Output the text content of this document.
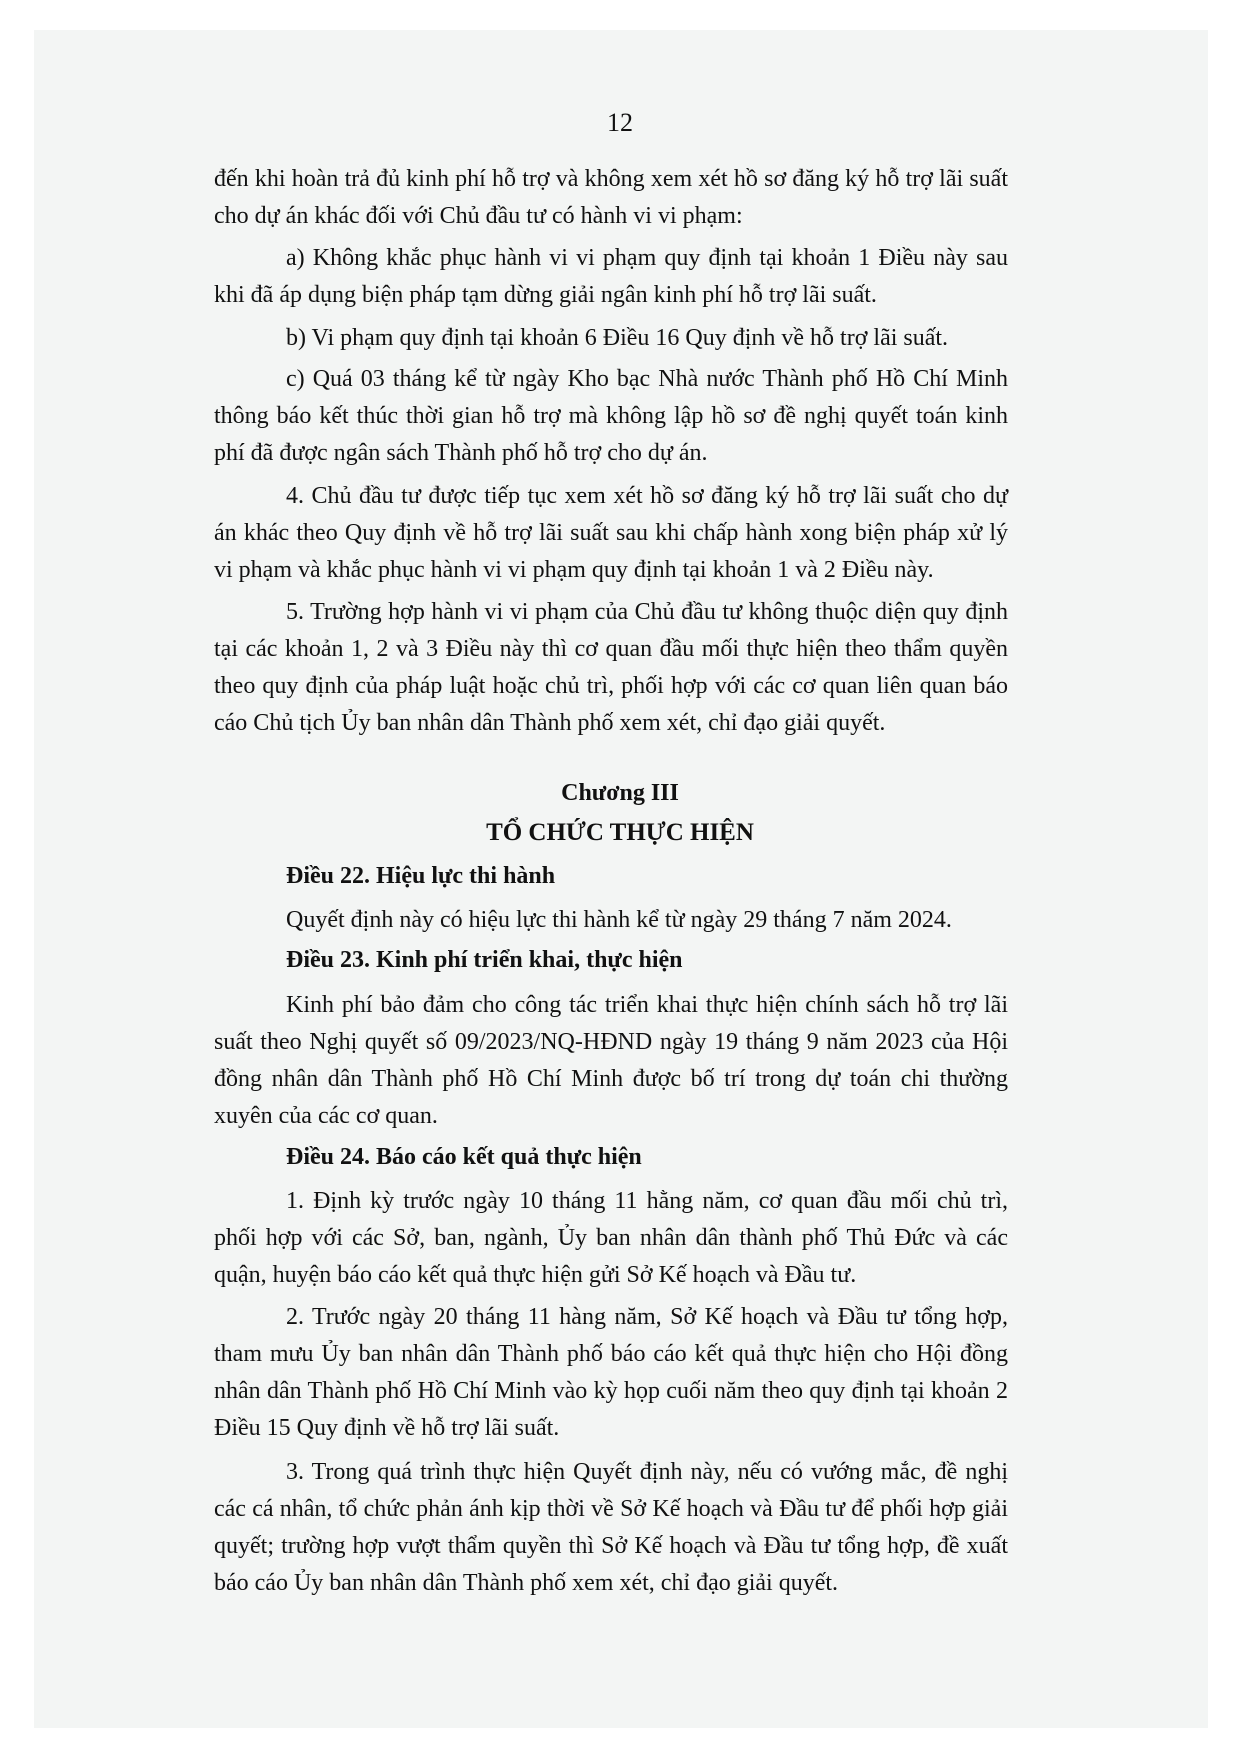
12

đến khi hoàn trả đủ kinh phí hỗ trợ và không xem xét hồ sơ đăng ký hỗ trợ lãi suất cho dự án khác đối với Chủ đầu tư có hành vi vi phạm:

a) Không khắc phục hành vi vi phạm quy định tại khoản 1 Điều này sau khi đã áp dụng biện pháp tạm dừng giải ngân kinh phí hỗ trợ lãi suất.

b) Vi phạm quy định tại khoản 6 Điều 16 Quy định về hỗ trợ lãi suất.

c) Quá 03 tháng kể từ ngày Kho bạc Nhà nước Thành phố Hồ Chí Minh thông báo kết thúc thời gian hỗ trợ mà không lập hồ sơ đề nghị quyết toán kinh phí đã được ngân sách Thành phố hỗ trợ cho dự án.

4. Chủ đầu tư được tiếp tục xem xét hồ sơ đăng ký hỗ trợ lãi suất cho dự án khác theo Quy định về hỗ trợ lãi suất sau khi chấp hành xong biện pháp xử lý vi phạm và khắc phục hành vi vi phạm quy định tại khoản 1 và 2 Điều này.

5. Trường hợp hành vi vi phạm của Chủ đầu tư không thuộc diện quy định tại các khoản 1, 2 và 3 Điều này thì cơ quan đầu mối thực hiện theo thẩm quyền theo quy định của pháp luật hoặc chủ trì, phối hợp với các cơ quan liên quan báo cáo Chủ tịch Ủy ban nhân dân Thành phố xem xét, chỉ đạo giải quyết.

Chương III
TỔ CHỨC THỰC HIỆN
Điều 22. Hiệu lực thi hành

Quyết định này có hiệu lực thi hành kể từ ngày 29 tháng 7 năm 2024.

Điều 23. Kinh phí triển khai, thực hiện

Kinh phí bảo đảm cho công tác triển khai thực hiện chính sách hỗ trợ lãi suất theo Nghị quyết số 09/2023/NQ-HĐND ngày 19 tháng 9 năm 2023 của Hội đồng nhân dân Thành phố Hồ Chí Minh được bố trí trong dự toán chi thường xuyên của các cơ quan.

Điều 24. Báo cáo kết quả thực hiện

1. Định kỳ trước ngày 10 tháng 11 hằng năm, cơ quan đầu mối chủ trì, phối hợp với các Sở, ban, ngành, Ủy ban nhân dân thành phố Thủ Đức và các quận, huyện báo cáo kết quả thực hiện gửi Sở Kế hoạch và Đầu tư.

2. Trước ngày 20 tháng 11 hàng năm, Sở Kế hoạch và Đầu tư tổng hợp, tham mưu Ủy ban nhân dân Thành phố báo cáo kết quả thực hiện cho Hội đồng nhân dân Thành phố Hồ Chí Minh vào kỳ họp cuối năm theo quy định tại khoản 2 Điều 15 Quy định về hỗ trợ lãi suất.

3. Trong quá trình thực hiện Quyết định này, nếu có vướng mắc, đề nghị các cá nhân, tổ chức phản ánh kịp thời về Sở Kế hoạch và Đầu tư để phối hợp giải quyết; trường hợp vượt thẩm quyền thì Sở Kế hoạch và Đầu tư tổng hợp, đề xuất báo cáo Ủy ban nhân dân Thành phố xem xét, chỉ đạo giải quyết.
